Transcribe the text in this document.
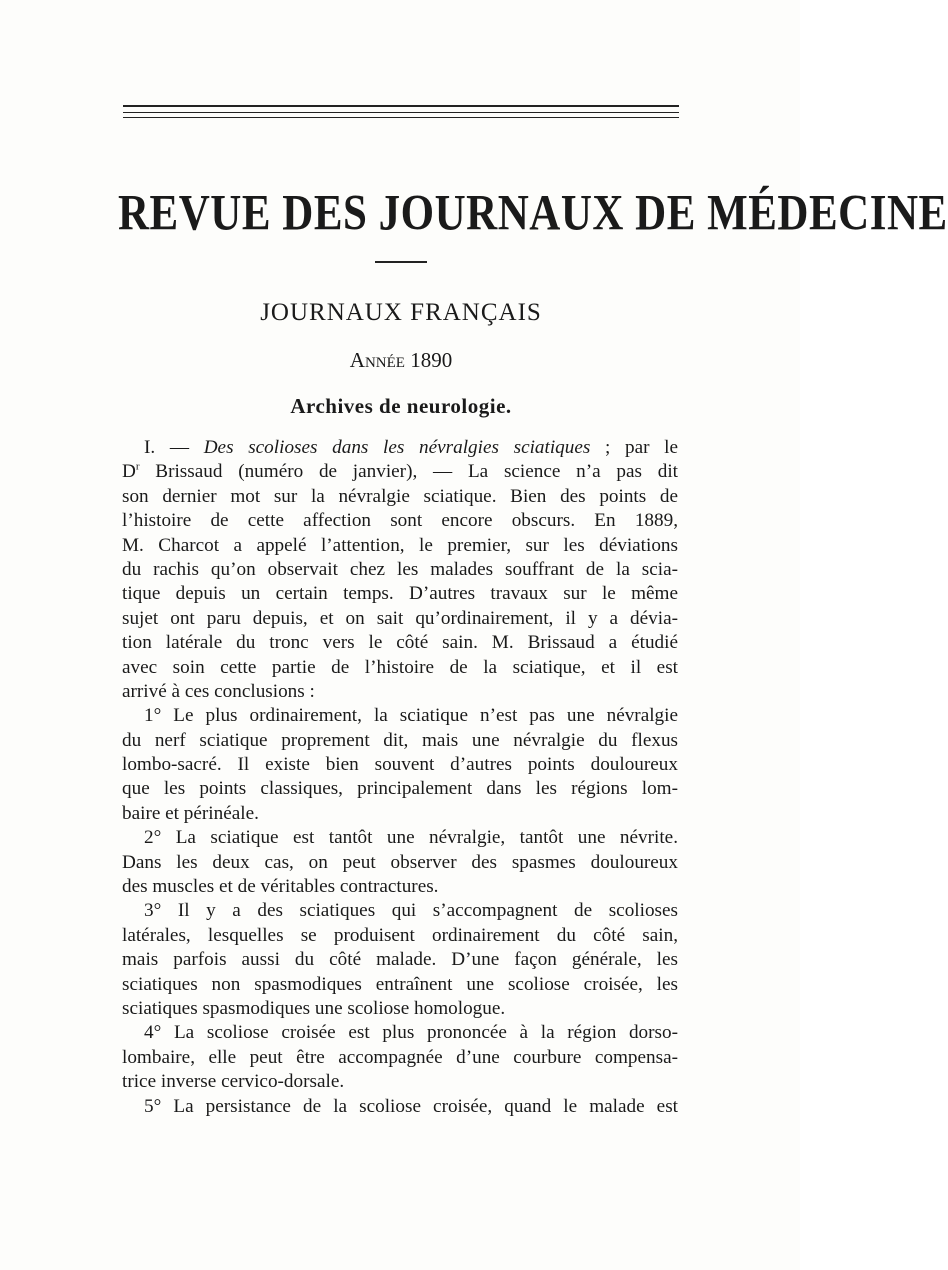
REVUE DES JOURNAUX DE MÉDECINE
JOURNAUX FRANÇAIS
Année 1890
Archives de neurologie.
I. — Des scolioses dans les névralgies sciatiques ; par le
$D^r$ Brissaud (numéro de janvier), — La science n’a pas dit
son dernier mot sur la névralgie sciatique. Bien des points de
l’histoire de cette affection sont encore obscurs. En 1889,
M. Charcot a appelé l’attention, le premier, sur les déviations
du rachis qu’on observait chez les malades souffrant de la scia-
tique depuis un certain temps. D’autres travaux sur le même
sujet ont paru depuis, et on sait qu’ordinairement, il y a dévia-
tion latérale du tronc vers le côté sain. M. Brissaud a étudié
avec soin cette partie de l’histoire de la sciatique, et il est
arrivé à ces conclusions :
1° Le plus ordinairement, la sciatique n’est pas une névralgie
du nerf sciatique proprement dit, mais une névralgie du flexus
lombo-sacré. Il existe bien souvent d’autres points douloureux
que les points classiques, principalement dans les régions lom-
baire et périnéale.
2° La sciatique est tantôt une névralgie, tantôt une névrite.
Dans les deux cas, on peut observer des spasmes douloureux
des muscles et de véritables contractures.
3° Il y a des sciatiques qui s’accompagnent de scolioses
latérales, lesquelles se produisent ordinairement du côté sain,
mais parfois aussi du côté malade. D’une façon générale, les
sciatiques non spasmodiques entraînent une scoliose croisée, les
sciatiques spasmodiques une scoliose homologue.
4° La scoliose croisée est plus prononcée à la région dorso-
lombaire, elle peut être accompagnée d’une courbure compensa-
trice inverse cervico-dorsale.
5° La persistance de la scoliose croisée, quand le malade est
